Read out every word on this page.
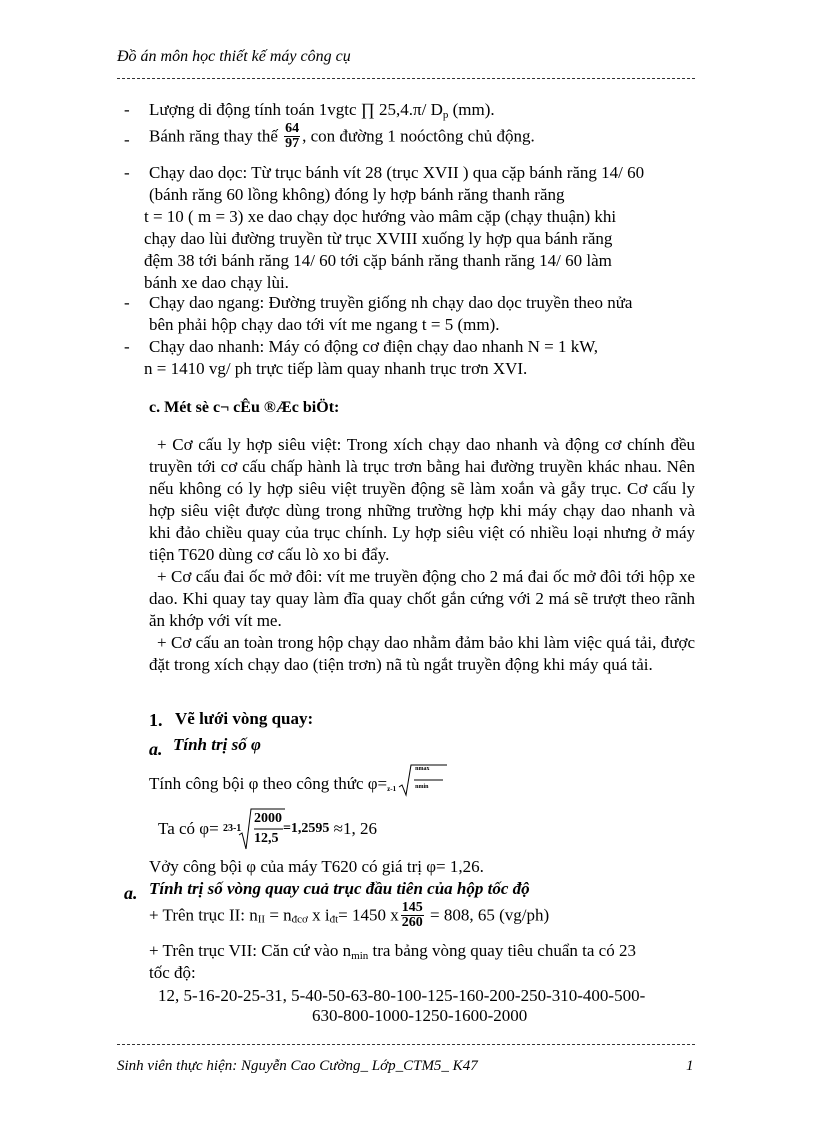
Đồ án môn học thiết kế máy công cụ
- Lượng di động tính toán 1vgtc ∏ 25,4.π/ $D_p$ (mm).
- Bánh răng thay thế $\frac{64}{97}$ , con đường 1 noóctông chủ động.
- Chạy dao dọc: Từ trục bánh vít 28 (trục XVII ) qua cặp bánh răng 14/ 60
(bánh răng 60 lồng không) đóng ly hợp bánh răng thanh răng
t = 10 ( m = 3) xe dao chạy dọc hướng vào mâm cặp (chạy thuận) khi
chạy dao lùi đường truyền từ trục XVIII xuống ly hợp qua bánh răng
đệm 38 tới bánh răng 14/ 60 tới cặp bánh răng thanh răng 14/ 60 làm
bánh xe dao chạy lùi.
- Chạy dao ngang: Đường truyền giống nh chạy dao dọc truyền theo nửa
bên phải hộp chạy dao tới vít me ngang t = 5 (mm).
- Chạy dao nhanh: Máy có động cơ điện chạy dao nhanh N = 1 kW,
n = 1410 vg/ ph trực tiếp làm quay nhanh trục trơn XVI.
c. Mét sè c¬ cÊu ®Æc biÖt:
+ Cơ cấu ly hợp siêu việt: Trong xích chạy dao nhanh và động cơ chính đều truyền tới cơ cấu chấp hành là trục trơn bằng hai đường truyền khác nhau. Nên nếu không có ly hợp siêu việt truyền động sẽ làm xoắn và gẫy trục. Cơ cấu ly hợp siêu việt được dùng trong những trường hợp khi máy chạy dao nhanh và khi đảo chiều quay của trục chính. Ly hợp siêu việt có nhiều loại nhưng ở máy tiện T620 dùng cơ cấu lò xo bi đẩy.
+ Cơ cấu đai ốc mở đôi: vít me truyền động cho 2 má đai ốc mở đôi tới hộp xe dao. Khi quay tay quay làm đĩa quay chốt gắn cứng với 2 má sẽ trượt theo rãnh ăn khớp với vít me.
+ Cơ cấu an toàn trong hộp chạy dao nhằm đảm bảo khi làm việc quá tải, được đặt trong xích chạy dao (tiện trơn) nã tù ngắt truyền động khi máy quá tải.
1. Vẽ lưới vòng quay:
a. Tính trị số φ
Tính công bội φ theo công thức φ= z-1
nmax
nmin
Ta có φ= 23-1
2000
12,5
=1,2595 ≈1, 26
Vởy công bội φ của máy T620 có giá trị φ= 1,26.
a. Tính trị số vòng quay cuả trục đầu tiên của hộp tốc độ
+ Trên trục II: $n_{II} = n_{đcơ}$ x $i_{đt}= 1450$ x $\frac{145}{260} = 808$, 65 (vg/ph)
+ Trên trục VII: Căn cứ vào $n_{min}$ tra bảng vòng quay tiêu chuẩn ta có 23
tốc độ:
12, 5-16-20-25-31, 5-40-50-63-80-100-125-160-200-250-310-400-500-
630-800-1000-1250-1600-2000
Sinh viên thực hiện: Nguyễn Cao Cường_ Lớp_CTM5_ K47	1
